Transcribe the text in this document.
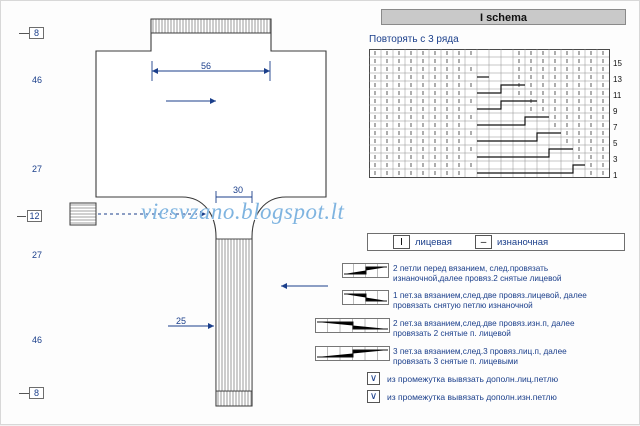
8
46
27
12
27
46
8
56
30
25
viesvzano.blogspot.lt
I schema
Повторять с 3 ряда
15
13
11
9
7
5
3
1
I	лицевая	–	изнаночная
2 петли перед вязанием, след.провязать
изнаночной,далее провяз.2 снятые лицевой
1 пет.за вязанием,след.две провяз.лицевой, далее
провязать снятую петлю изнаночной
2 пет.за вязанием,след.две провяз.изн.п, далее
провязать 2 снятые п. лицевой
3 пет.за вязанием,след.3 провяз.лиц.п, далее
провязать 3 снятые п. лицевыми
∨	из промежутка вывязать дополн.лиц.петлю
∨	из промежутка вывязать дополн.изн.петлю
